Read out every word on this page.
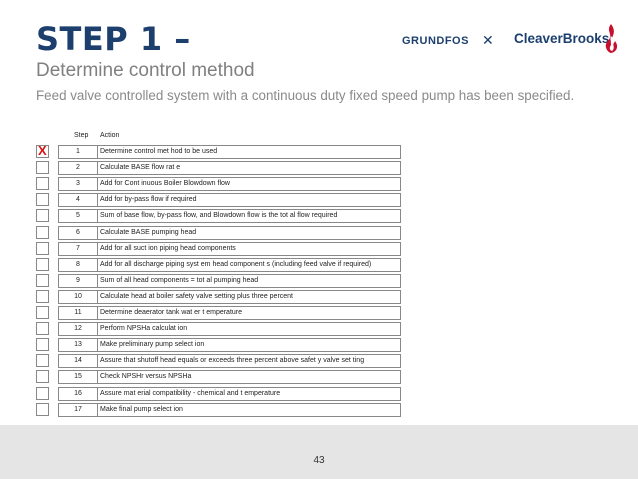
STEP 1 –	GRUNDFOS ✕ CleaverBrooks
Determine control method
Feed valve controlled system with a continuous duty fixed speed pump has been specified.
Step Action
X	1	Determine control met hod to be used
2	Calculate BASE flow rat e
3	Add for Cont inuous Boiler Blowdown flow
4	Add for by-pass flow if required
5	Sum of base flow, by-pass flow, and Blowdown flow is the tot al flow required
6	Calculate BASE pumping head
7	Add for all suct ion piping head components
8	Add for all discharge piping syst em head component s (including feed valve if required)
9	Sum of all head components = tot al pumping head
10	Calculate head at boiler safety valve setting plus three percent
11	Determine deaerator tank wat er t emperature
12	Perform NPSHa calculat ion
13	Make preliminary pump select ion
14	Assure that shutoff head equals or exceeds three percent above safet y valve set ting
15	Check NPSHr versus NPSHa
16	Assure mat erial compatibility - chemical and t emperature
17	Make final pump select ion
43
